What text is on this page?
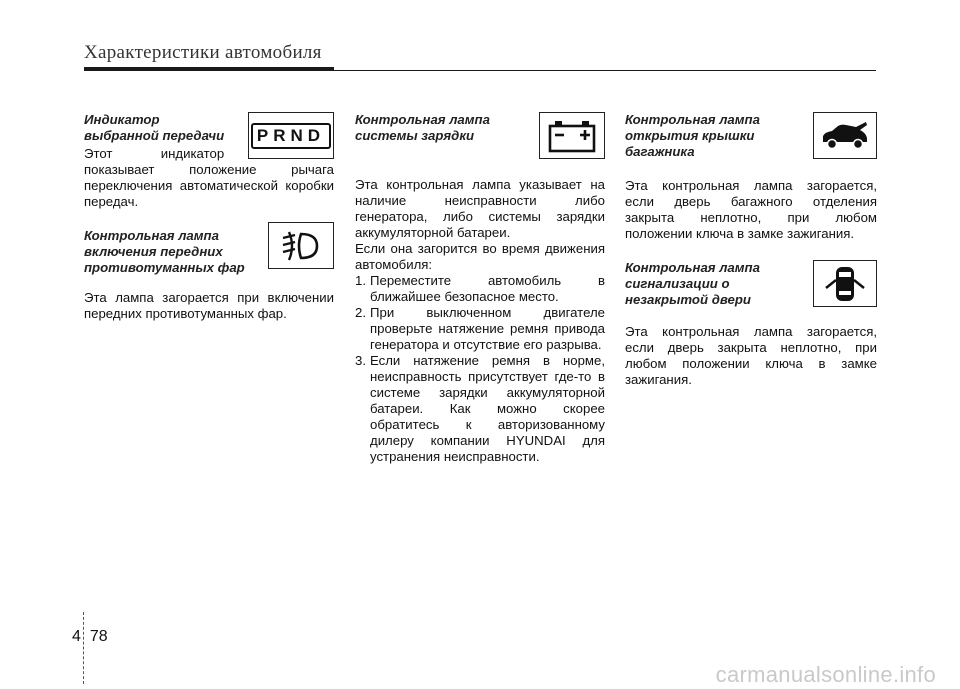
Характеристики автомобиля
Индикатор
выбранной передачи

Этот индикатор

PRND

показывает положение рычага переключения автоматической коробки передач.

Контрольная лампа
включения передних
противотуманных фар

Эта лампа загорается при включении передних противотуманных фар.

Контрольная лампа
системы зарядки

Эта контрольная лампа указывает на наличие неисправности либо генератора, либо системы зарядки аккумуляторной батареи.

Если она загорится во время движения автомобиля:

1. Переместите автомобиль в ближайшее безопасное место.
2. При выключенном двигателе проверьте натяжение ремня привода генератора и отсутствие его разрыва.
3. Если натяжение ремня в норме, неисправность присутствует где-то в системе зарядки аккумуляторной батареи. Как можно скорее обратитесь к авторизованному дилеру компании HYUNDAI для устранения неисправности.
Контрольная лампа
открытия крышки
багажника

Эта контрольная лампа загорается, если дверь багажного отделения закрыта неплотно, при любом положении ключа в замке зажигания.

Контрольная лампа
сигнализации о
незакрытой двери

Эта контрольная лампа загорается, если дверь закрыта неплотно, при любом положении ключа в замке зажигания.

4 78
carmanualsonline.info
